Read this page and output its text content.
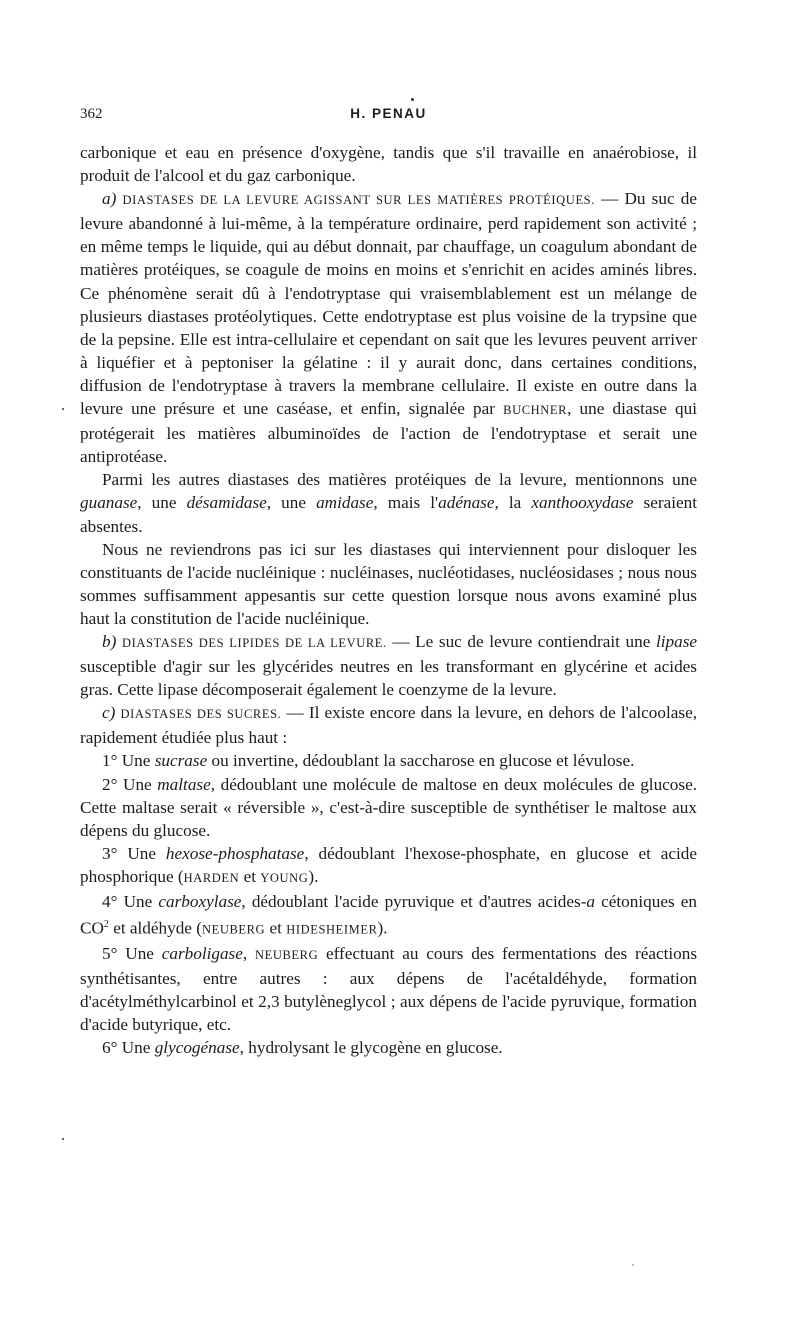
362	H. PENAU

carbonique et eau en présence d'oxygène, tandis que s'il travaille en anaérobiose, il produit de l'alcool et du gaz carbonique.

a) DIASTASES DE LA LEVURE AGISSANT SUR LES MATIÈRES PROTÉIQUES. — Du suc de levure abandonné à lui-même, à la température ordinaire, perd rapidement son activité ; en même temps le liquide, qui au début donnait, par chauffage, un coagulum abondant de matières protéiques, se coagule de moins en moins et s'enrichit en acides aminés libres. Ce phénomène serait dû à l'endotryptase qui vraisemblablement est un mélange de plusieurs diastases protéolytiques. Cette endotryptase est plus voisine de la trypsine que de la pepsine. Elle est intra-cellulaire et cependant on sait que les levures peuvent arriver à liquéfier et à peptoniser la gélatine : il y aurait donc, dans certaines conditions, diffusion de l'endotryptase à travers la membrane cellulaire. Il existe en outre dans la levure une présure et une caséase, et enfin, signalée par BUCHNER, une diastase qui protégerait les matières albuminoïdes de l'action de l'endotryptase et serait une antiprotéase.

Parmi les autres diastases des matières protéiques de la levure, mentionnons une guanase, une désamidase, une amidase, mais l'adénase, la xanthooxydase seraient absentes.

Nous ne reviendrons pas ici sur les diastases qui interviennent pour disloquer les constituants de l'acide nucléinique : nucléinases, nucléotidases, nucléosidases ; nous nous sommes suffisamment appesantis sur cette question lorsque nous avons examiné plus haut la constitution de l'acide nucléinique.

b) DIASTASES DES LIPIDES DE LA LEVURE. — Le suc de levure contiendrait une lipase susceptible d'agir sur les glycérides neutres en les transformant en glycérine et acides gras. Cette lipase décomposerait également le coenzyme de la levure.

c) DIASTASES DES SUCRES. — Il existe encore dans la levure, en dehors de l'alcoolase, rapidement étudiée plus haut :

1° Une sucrase ou invertine, dédoublant la saccharose en glucose et lévulose.

2° Une maltase, dédoublant une molécule de maltose en deux molécules de glucose. Cette maltase serait « réversible », c'est-à-dire susceptible de synthétiser le maltose aux dépens du glucose.

3° Une hexose-phosphatase, dédoublant l'hexose-phosphate, en glucose et acide phosphorique (HARDEN et YOUNG).

4° Une carboxylase, dédoublant l'acide pyruvique et d'autres acides-a cétoniques en $CO^2$ et aldéhyde (NEUBERG et HIDESHEIMER).

5° Une carboligase, NEUBERG effectuant au cours des fermentations des réactions synthétisantes, entre autres : aux dépens de l'acétaldéhyde, formation d'acétylméthylcarbinol et 2,3 butylèneglycol ; aux dépens de l'acide pyruvique, formation d'acide butyrique, etc.

6° Une glycogénase, hydrolysant le glycogène en glucose.
